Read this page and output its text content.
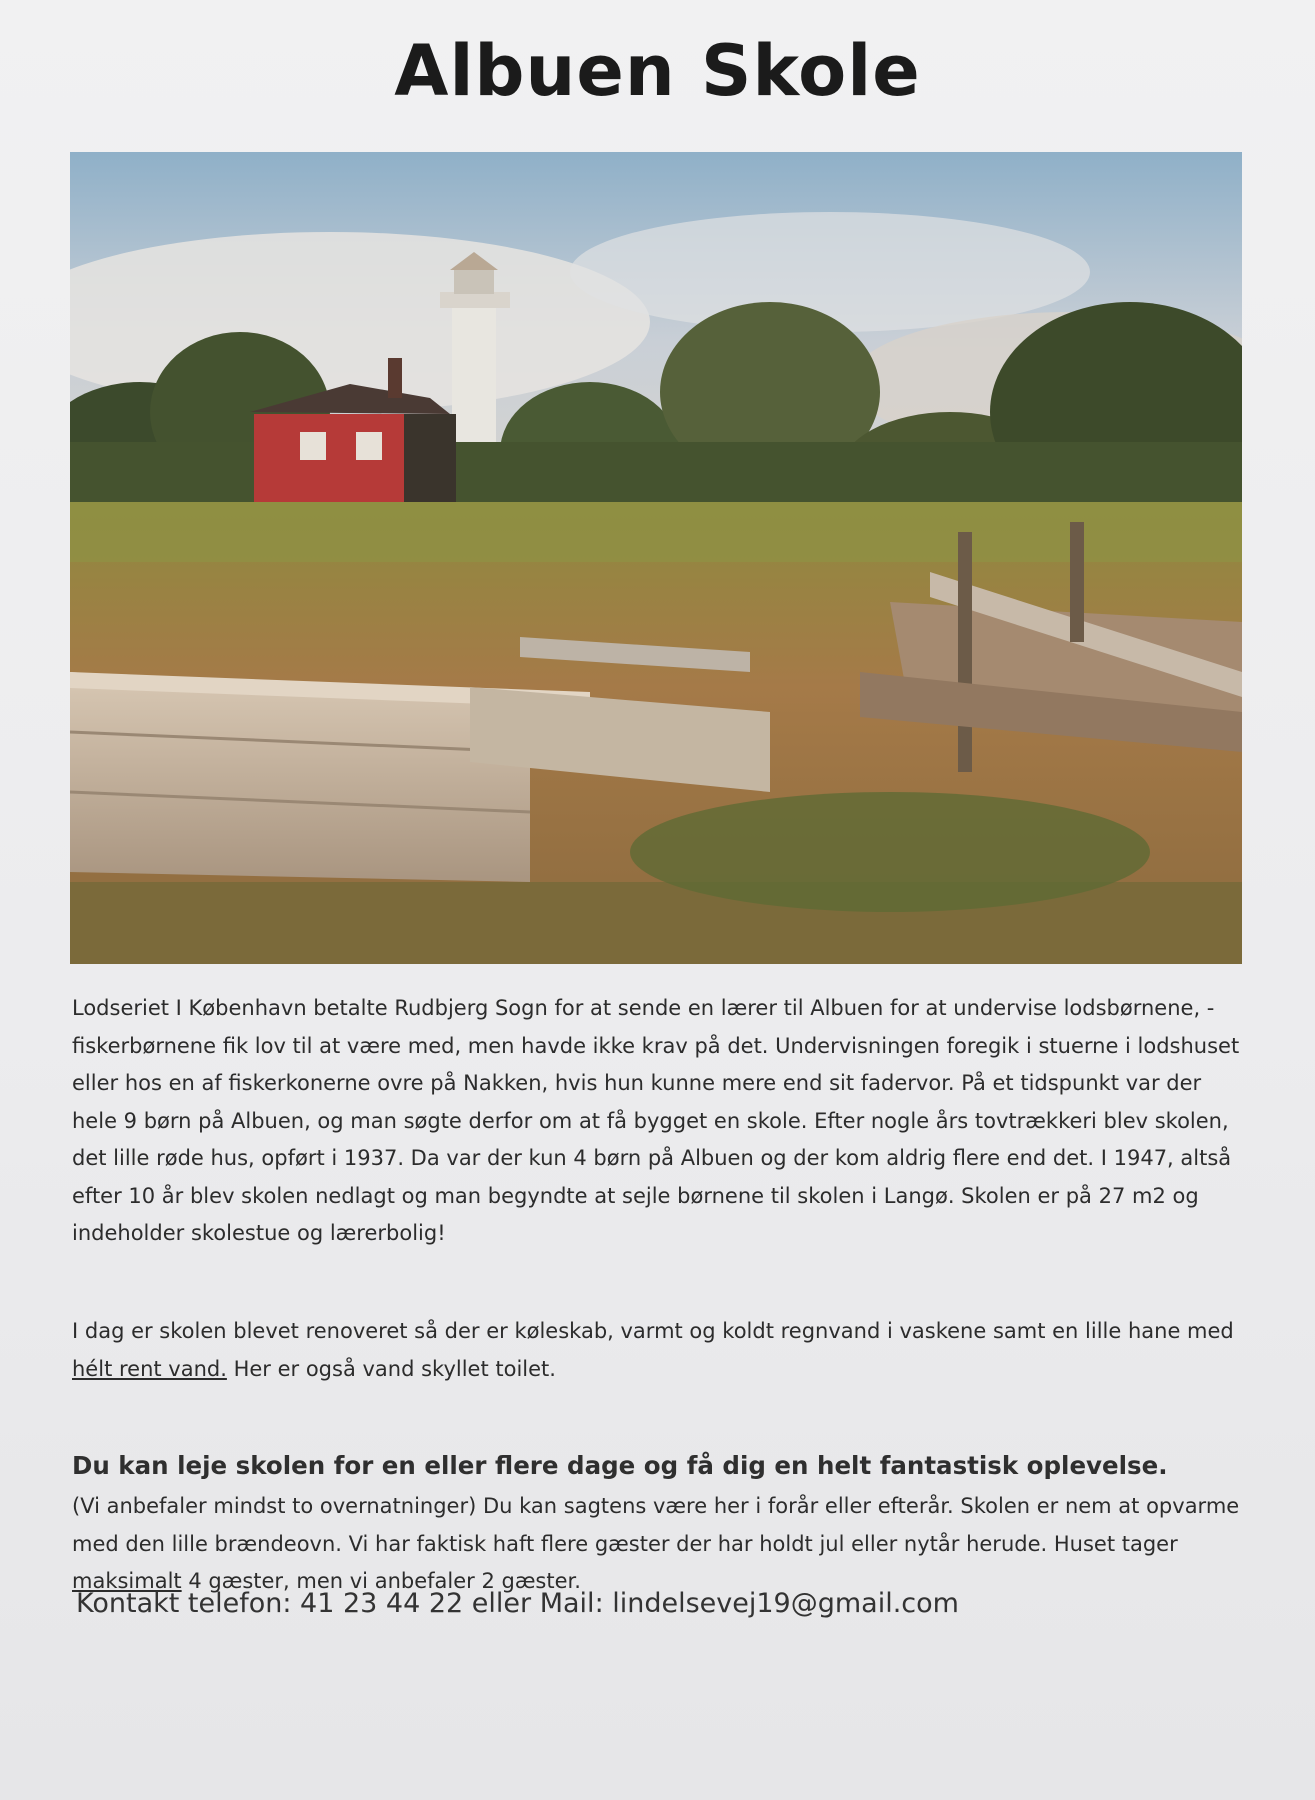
Albuen Skole

Lodseriet I København betalte Rudbjerg Sogn for at sende en lærer til Albuen for at undervise lodsbørnene, - fiskerbørnene fik lov til at være med, men havde ikke krav på det. Undervisningen foregik i stuerne i lodshuset eller hos en af fiskerkonerne ovre på Nakken, hvis hun kunne mere end sit fadervor. På et tidspunkt var der hele 9 børn på Albuen, og man søgte derfor om at få bygget en skole. Efter nogle års tovtrækkeri blev skolen, det lille røde hus, opført i 1937. Da var der kun 4 børn på Albuen og der kom aldrig flere end det. I 1947, altså efter 10 år blev skolen nedlagt og man begyndte at sejle børnene til skolen i Langø. Skolen er på 27 m2 og indeholder skolestue og lærerbolig!

I dag er skolen blevet renoveret så der er køleskab, varmt og koldt regnvand i vaskene samt en lille hane med hélt rent vand. Her er også vand skyllet toilet.

Du kan leje skolen for en eller flere dage og få dig en helt fantastisk oplevelse.

(Vi anbefaler mindst to overnatninger) Du kan sagtens være her i forår eller efterår. Skolen er nem at opvarme med den lille brændeovn. Vi har faktisk haft flere gæster der har holdt jul eller nytår herude. Huset tager maksimalt 4 gæster, men vi anbefaler 2 gæster.

Kontakt telefon: 41 23 44 22 eller Mail: lindelsevej19@gmail.com
